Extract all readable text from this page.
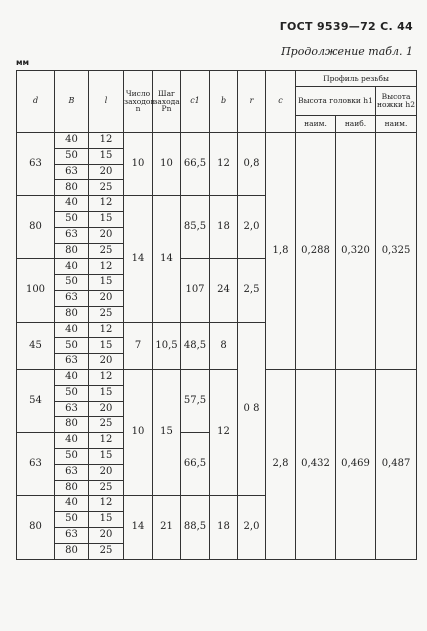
ГОСТ 9539—72 С. 44
Продолжение табл. 1
мм
d	B	l	Число заходов n	Шаг захода Pn	c1	b	r	c	Профиль резьбы		
									Высота головки h1		Высота ножки h2
									наим.	наиб.	наим.
63	40	12	10	10	66,5	12	0,8	1,8	0,288	0,320	0,325
	50	15									
	63	20									
	80	25									
80	40	12	14	14	85,5	18	2,0				
	50	15									
	63	20									
	80	25									
100	40	12			107	24	2,5				
	50	15									
	63	20									
	80	25									
45	40	12	7	10,5	48,5	8	0 8				
	50	15									
	63	20									
54	40	12	10	15	57,5	12		2,8	0,432	0,469	0,487
	50	15									
	63	20									
	80	25									
63	40	12			66,5						
	50	15									
	63	20									
	80	25									
80	40	12	14	21	88,5	18	2,0				
	50	15									
	63	20									
	80	25									
